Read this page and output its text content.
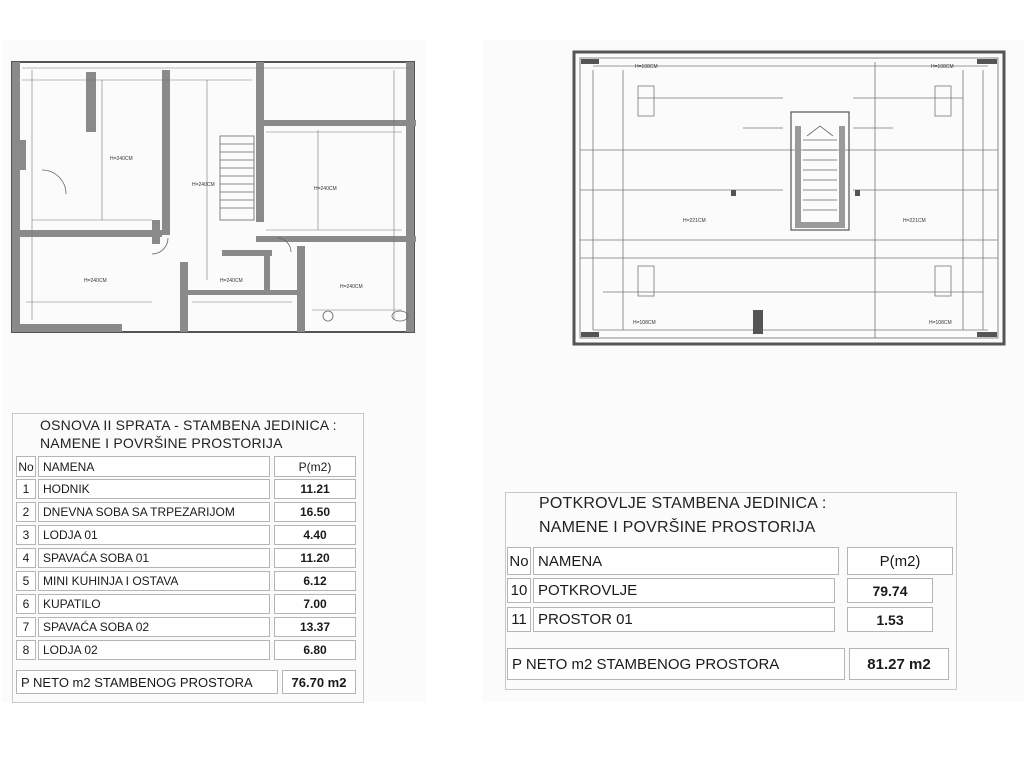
H=240CM
H=240CM
H=240CM
H=240CM	H=240CM
H=240CM
OSNOVA II SPRATA - STAMBENA JEDINICA :
NAMENE I POVRŠINE PROSTORIJA
No NAMENA	P(m2)
1	HODNIK	11.21
2	DNEVNA SOBA SA TRPEZARIJOM	16.50
3	LODJA 01	4.40
4	SPAVAĆA SOBA 01	11.20
5	MINI KUHINJA I OSTAVA	6.12
6	KUPATILO	7.00
7	SPAVAĆA SOBA 02	13.37
8	LODJA 02	6.80
P NETO m2 STAMBENOG PROSTORA	76.70 m2
H=108CM	H=108CM
H=108CM	H=108CM
H=221CM	H=221CM
POTKROVLJE STAMBENA JEDINICA :
NAMENE I POVRŠINE PROSTORIJA
No NAMENA	P(m2)
10 POTKROVLJE	79.74
11 PROSTOR 01	1.53
P NETO m2 STAMBENOG PROSTORA	81.27 m2
